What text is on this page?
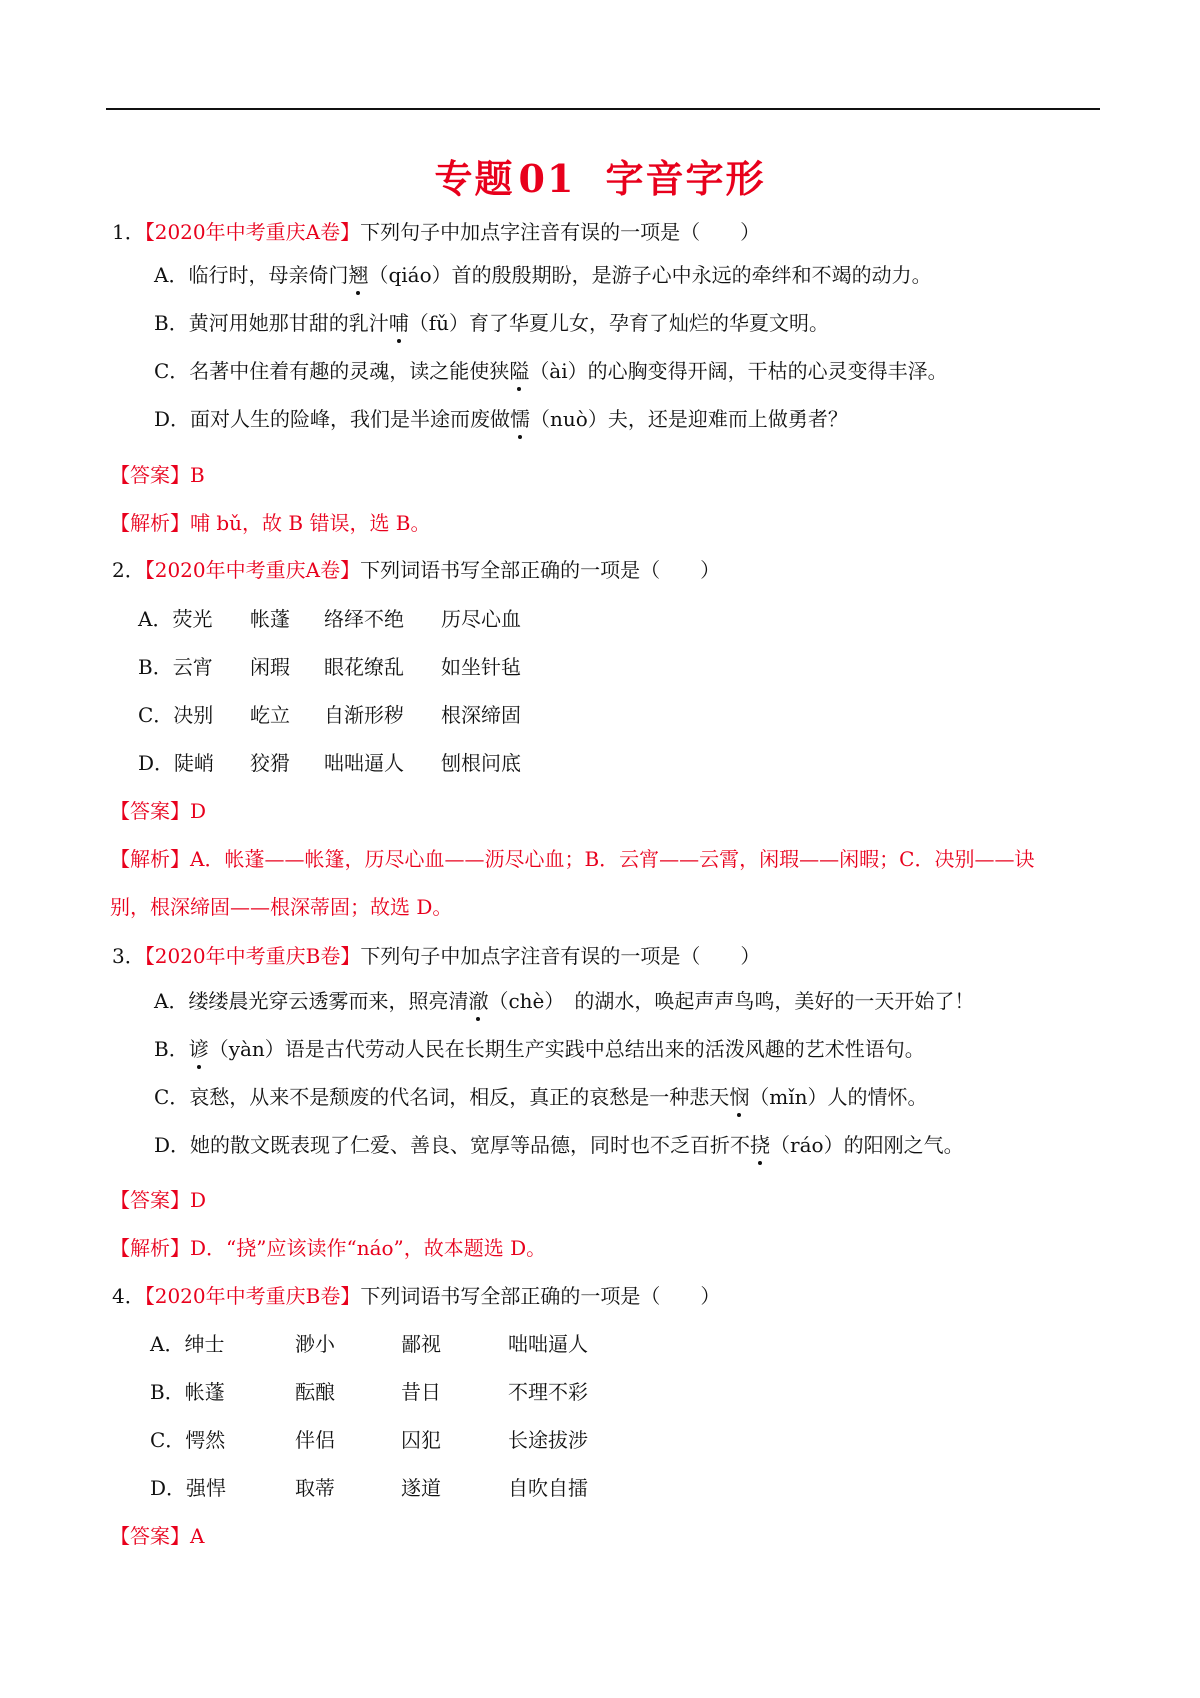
专题 01 字音字形
1．【2020年中考重庆A卷】下列句子中加点字注音有误的一项是（　　）
A．临行时，母亲倚门翘（qiáo）首的殷殷期盼，是游子心中永远的牵绊和不竭的动力。
B．黄河用她那甘甜的乳汁哺（fǔ）育了华夏儿女，孕育了灿烂的华夏文明。
C．名著中住着有趣的灵魂，读之能使狭隘（ài）的心胸变得开阔，干枯的心灵变得丰泽。
D．面对人生的险峰，我们是半途而废做懦（nuò）夫，还是迎难而上做勇者？
【答案】B
【解析】哺 bǔ，故 B 错误，选 B。
2．【2020年中考重庆A卷】下列词语书写全部正确的一项是（　　）
A．荧光 帐蓬 络绎不绝 历尽心血
B．云宵 闲瑕 眼花缭乱 如坐针毡
C．决别 屹立 自渐形秽 根深缔固
D．陡峭 狡猾 咄咄逼人 刨根问底
【答案】D
【解析】A．帐蓬——帐篷，历尽心血——沥尽心血；B．云宵——云霄，闲瑕——闲暇；C．决别——诀
别，根深缔固——根深蒂固；故选 D。
3．【2020年中考重庆B卷】下列句子中加点字注音有误的一项是（　　）
A．缕缕晨光穿云透雾而来，照亮清澈（chè）　的湖水，唤起声声鸟鸣，美好的一天开始了！
B．谚（yàn）语是古代劳动人民在长期生产实践中总结出来的活泼风趣的艺术性语句。
C．哀愁，从来不是颓废的代名词，相反，真正的哀愁是一种悲天悯（mǐn）人的情怀。
D．她的散文既表现了仁爱、善良、宽厚等品德，同时也不乏百折不挠（ráo）的阳刚之气。
【答案】D
【解析】D．“挠”应该读作“náo”，故本题选 D。
4．【2020年中考重庆B卷】下列词语书写全部正确的一项是（　　）
A．绅士	渺小	鄙视	咄咄逼人
B．帐蓬	酝酿	昔日	不理不彩
C．愕然	伴侣	囚犯	长途拔涉
D．强悍	取蒂	遂道	自吹自擂
【答案】A
